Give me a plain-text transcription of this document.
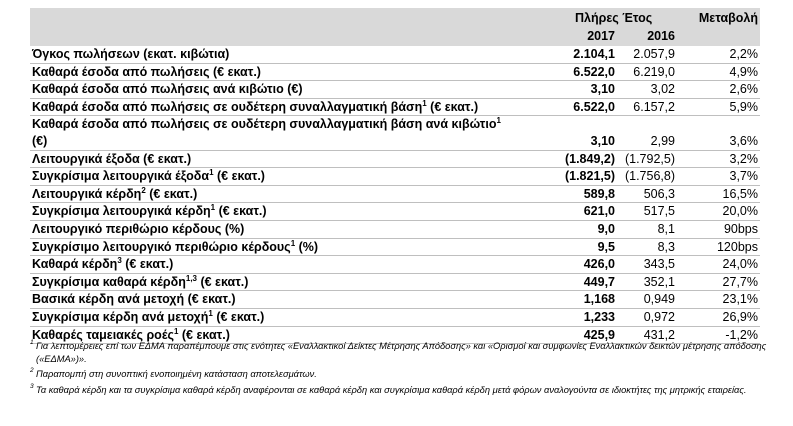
Πλήρες Έτος	Μεταβολή
2017	2016
Όγκος πωλήσεων (εκατ. κιβώτια)	2.104,1	2.057,9	2,2%
Καθαρά έσοδα από πωλήσεις (€ εκατ.)	6.522,0	6.219,0	4,9%
Καθαρά έσοδα από πωλήσεις ανά κιβώτιο (€)	3,10	3,02	2,6%
Καθαρά έσοδα από πωλήσεις σε ουδέτερη συναλλαγματική βάση$^1$ (€ εκατ.)	6.522,0	6.157,2	5,9%
Καθαρά έσοδα από πωλήσεις σε ουδέτερη συναλλαγματική βάση ανά κιβώτιο$^1$ (€)	3,10	2,99	3,6%
Λειτουργικά έξοδα (€ εκατ.)	(1.849,2) (1.792,5)	3,2%
Συγκρίσιμα λειτουργικά έξοδα$^1$ (€ εκατ.)	(1.821,5) (1.756,8)	3,7%
Λειτουργικά κέρδη$^2$ (€ εκατ.)	589,8	506,3	16,5%
Συγκρίσιμα λειτουργικά κέρδη$^1$ (€ εκατ.)	621,0	517,5	20,0%
Λειτουργικό περιθώριο κέρδους (%)	9,0	8,1	90bps
Συγκρίσιμο λειτουργικό περιθώριο κέρδους$^1$ (%)	9,5	8,3	120bps
Καθαρά κέρδη$^3$ (€ εκατ.)	426,0	343,5	24,0%
Συγκρίσιμα καθαρά κέρδη$^{1,3}$ (€ εκατ.)	449,7	352,1	27,7%
Βασικά κέρδη ανά μετοχή (€ εκατ.)	1,168	0,949	23,1%
Συγκρίσιμα κέρδη ανά μετοχή$^1$ (€ εκατ.)	1,233	0,972	26,9%
Καθαρές ταμειακές ροές$^1$ (€ εκατ.)	425,9	431,2	-1,2%
1 Για λεπτομέρειες επί των ΕΔΜΑ παραπέμπουμε στις ενότητες «Εναλλακτικοί Δείκτες Μέτρησης Απόδοσης» και «Ορισμοί και συμφωνίες Εναλλακτικών δεικτών μέτρησης απόδοσης («ΕΔΜΑ»)».
2 Παραπομπή στη συνοπτική ενοποιημένη κατάσταση αποτελεσμάτων.
3 Τα καθαρά κέρδη και τα συγκρίσιμα καθαρά κέρδη αναφέρονται σε καθαρά κέρδη και συγκρίσιμα καθαρά κέρδη μετά φόρων αναλογούντα σε ιδιοκτήτες της μητρικής εταιρείας.
